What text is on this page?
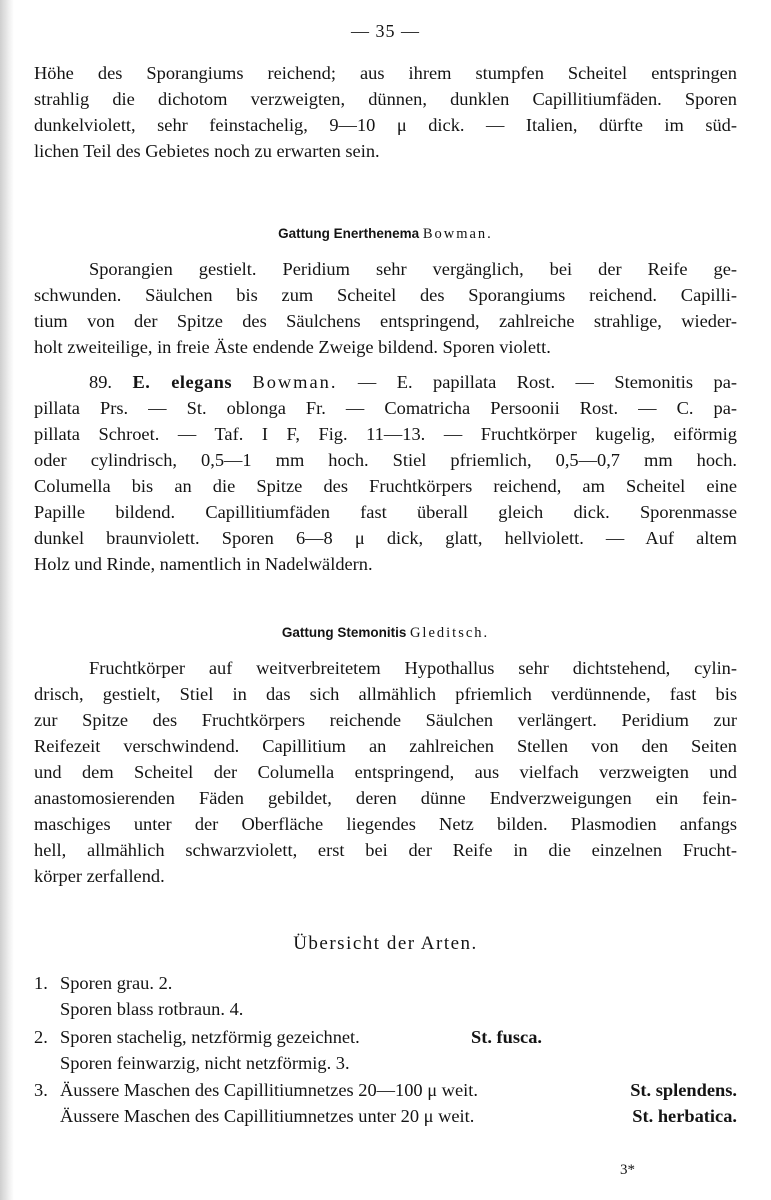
— 35 —
Höhe des Sporangiums reichend; aus ihrem stumpfen Scheitel entspringen
strahlig die dichotom verzweigten, dünnen, dunklen Capillitiumfäden. Sporen
dunkelviolett, sehr feinstachelig, 9—10 μ dick. — Italien, dürfte im süd-
lichen Teil des Gebietes noch zu erwarten sein.
Gattung Enerthenema Bowman.
Sporangien gestielt. Peridium sehr vergänglich, bei der Reife ge-
schwunden. Säulchen bis zum Scheitel des Sporangiums reichend. Capilli-
tium von der Spitze des Säulchens entspringend, zahlreiche strahlige, wieder-
holt zweiteilige, in freie Äste endende Zweige bildend. Sporen violett.
89. E. elegans Bowman. — E. papillata Rost. — Stemonitis pa-
pillata Prs. — St. oblonga Fr. — Comatricha Persoonii Rost. — C. pa-
pillata Schroet. — Taf. I F, Fig. 11—13. — Fruchtkörper kugelig, eiförmig
oder cylindrisch, 0,5—1 mm hoch. Stiel pfriemlich, 0,5—0,7 mm hoch.
Columella bis an die Spitze des Fruchtkörpers reichend, am Scheitel eine
Papille bildend. Capillitiumfäden fast überall gleich dick. Sporenmasse
dunkel braunviolett. Sporen 6—8 μ dick, glatt, hellviolett. — Auf altem
Holz und Rinde, namentlich in Nadelwäldern.
Gattung Stemonitis Gleditsch.
Fruchtkörper auf weitverbreitetem Hypothallus sehr dichtstehend, cylin-
drisch, gestielt, Stiel in das sich allmählich pfriemlich verdünnende, fast bis
zur Spitze des Fruchtkörpers reichende Säulchen verlängert. Peridium zur
Reifezeit verschwindend. Capillitium an zahlreichen Stellen von den Seiten
und dem Scheitel der Columella entspringend, aus vielfach verzweigten und
anastomosierenden Fäden gebildet, deren dünne Endverzweigungen ein fein-
maschiges unter der Oberfläche liegendes Netz bilden. Plasmodien anfangs
hell, allmählich schwarzviolett, erst bei der Reife in die einzelnen Frucht-
körper zerfallend.
Übersicht der Arten.
1. Sporen grau. 2.
Sporen blass rotbraun. 4.
2. Sporen stachelig, netzförmig gezeichnet.	St. fusca.
Sporen feinwarzig, nicht netzförmig. 3.
3. Äussere Maschen des Capillitiumnetzes 20—100 μ weit.	St. splendens.
Äussere Maschen des Capillitiumnetzes unter 20 μ weit.	St. herbatica.
3*
